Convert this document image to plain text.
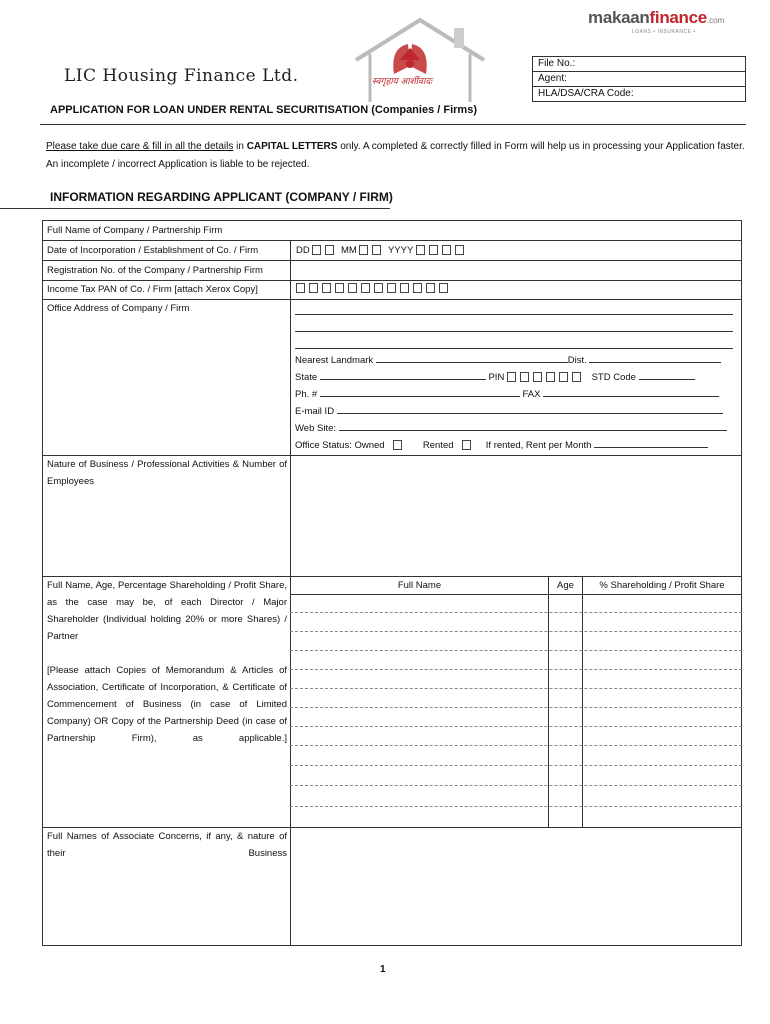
makaanfinance.com
LOANS • INSURANCE •
LIC Housing Finance Ltd.	स्वगृहाय आर्शीवादः
File No.:
Agent:
HLA/DSA/CRA Code:
APPLICATION FOR LOAN UNDER RENTAL SECURITISATION (Companies / Firms)
Please take due care & fill in all the details in CAPITAL LETTERS only. A completed & correctly filled in Form will help us in processing your Application faster. An incomplete / incorrect Application is liable to be rejected.
INFORMATION REGARDING APPLICANT (COMPANY / FIRM)
Full Name of Company / Partnership Firm
Date of Incorporation / Establishment of Co. / Firm	DD	MM	YYYY
Registration No. of the Company / Partnership Firm
Income Tax PAN of Co. / Firm [attach Xerox Copy]
Office Address of Company / Firm
Nearest Landmark	Dist.
State	PIN	STD Code
Ph. #	FAX
E-mail ID
Web Site:
Office Status: Owned	Rented	If rented, Rent per Month
Nature of Business / Professional Activities & Number of Employees
Full Name, Age, Percentage Shareholding / Profit Share, as the case may be, of each Director / Major Shareholder (Individual holding 20% or more Shares) / Partner
[Please attach Copies of Memorandum & Articles of Association, Certificate of Incorporation, & Certificate of Commencement of Business (in case of Limited Company) OR Copy of the Partnership Deed (in case of Partnership Firm), as applicable.]
Full Name	Age	% Shareholding / Profit Share
Full Names of Associate Concerns, if any, & nature of their Business
1
